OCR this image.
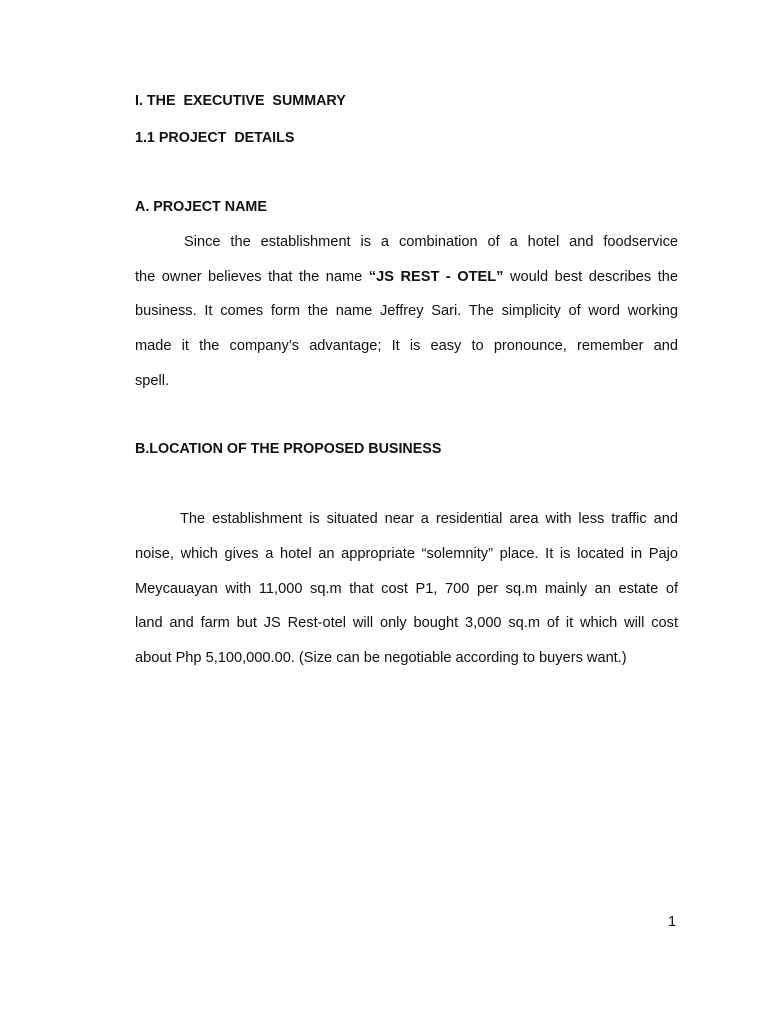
I. THE  EXECUTIVE  SUMMARY

1.1 PROJECT  DETAILS

A. PROJECT NAME

Since the establishment is a combination of a hotel and foodservice

the owner believes that the name “JS REST - OTEL” would best describes the

business. It comes form the name Jeffrey Sari. The simplicity of word working

made it the company’s advantage; It is easy to pronounce, remember and

spell.

B.LOCATION OF THE PROPOSED BUSINESS

The establishment is situated near a residential area with less traffic and

noise, which gives a hotel an appropriate “solemnity” place. It is located in Pajo

Meycauayan with 11,000 sq.m that cost P1, 700 per sq.m mainly an estate of

land and farm but JS Rest-otel will only bought 3,000 sq.m of it which will cost

about Php 5,100,000.00. (Size can be negotiable according to buyers want.)

1
